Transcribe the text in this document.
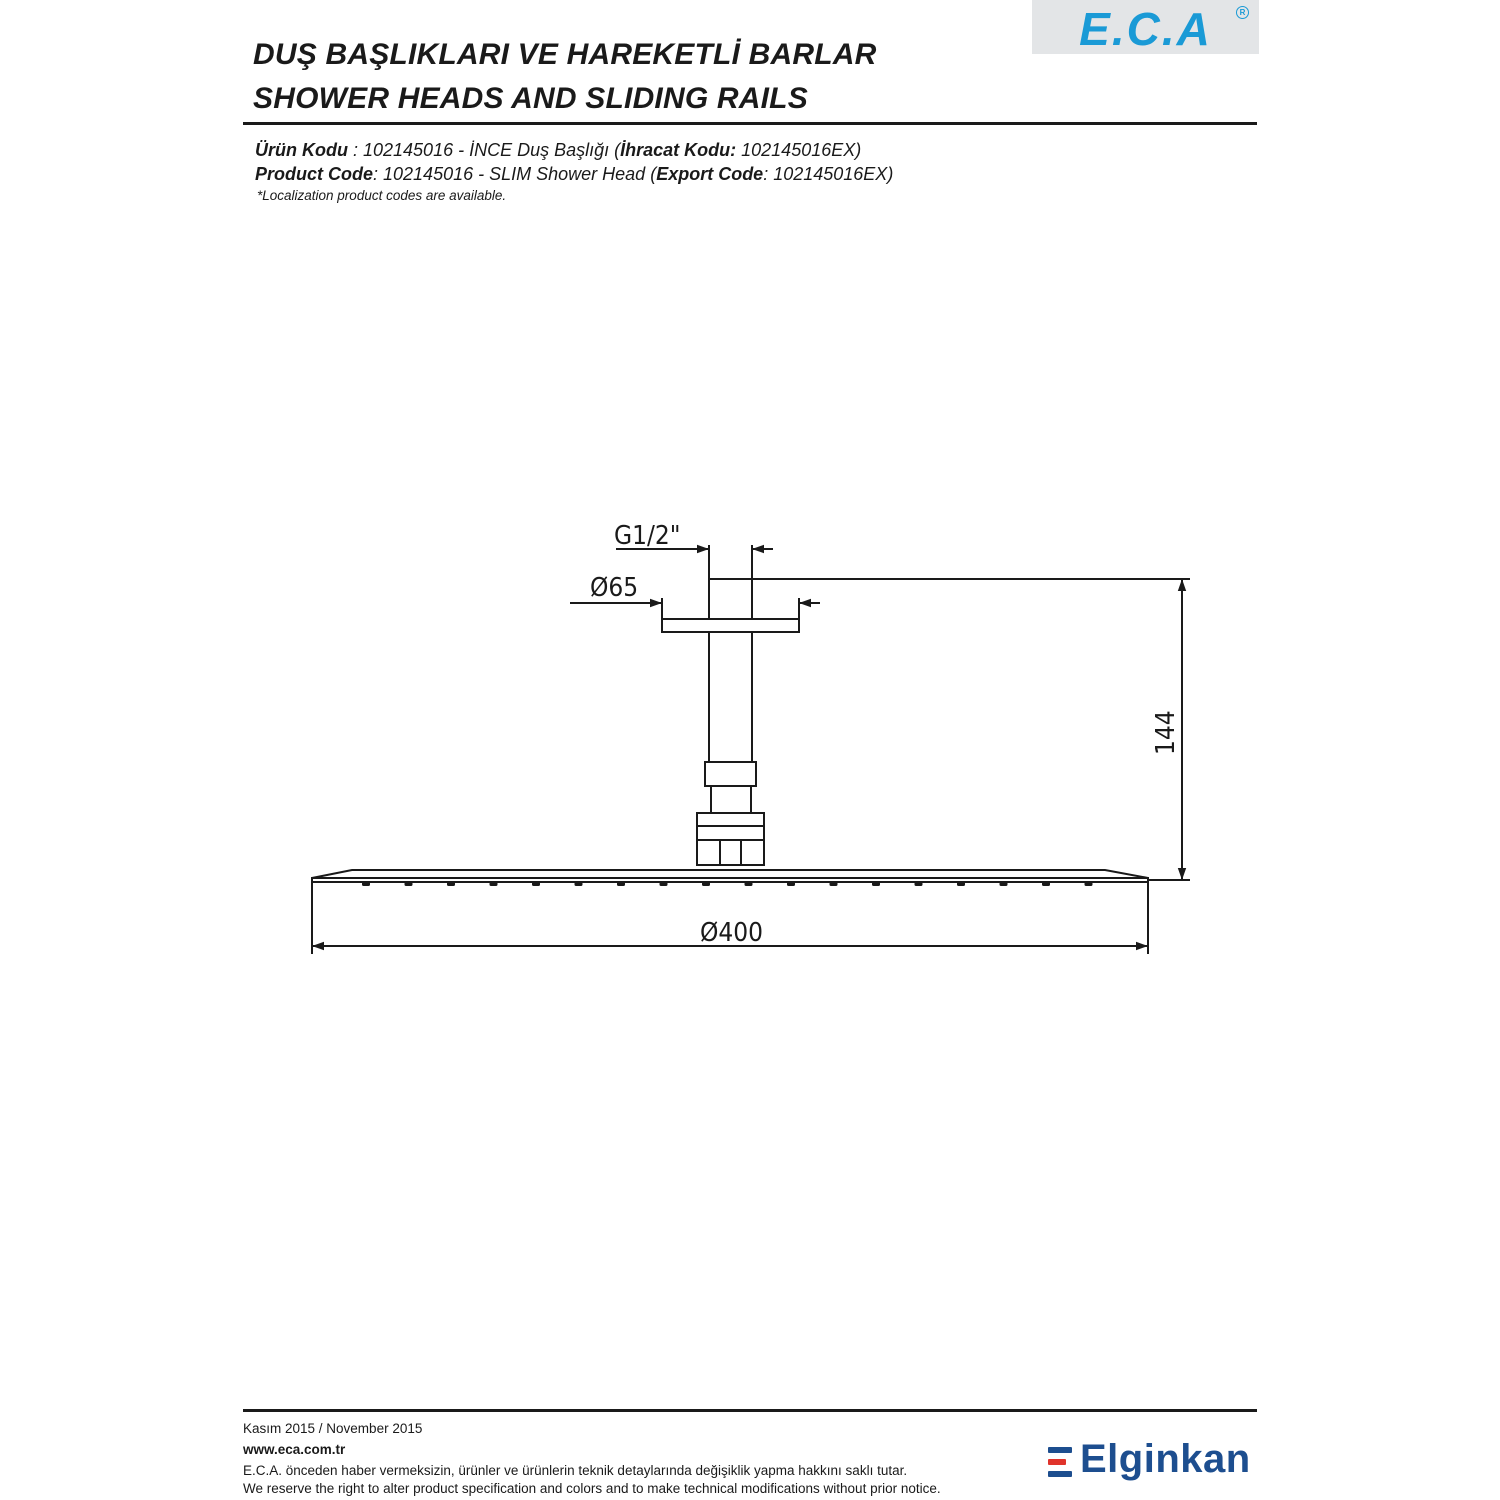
E.C.A	R
DUŞ BAŞLIKLARI VE HAREKETLİ BARLAR
SHOWER HEADS AND SLIDING RAILS
Ürün Kodu : 102145016 - İNCE Duş Başlığı (İhracat Kodu: 102145016EX)
Product Code: 102145016 - SLIM Shower Head (Export Code: 102145016EX)
*Localization product codes are available.
G1/2"
Ø65
Ø400
144
Kasım 2015 / November 2015
www.eca.com.tr
E.C.A. önceden haber vermeksizin, ürünler ve ürünlerin teknik detaylarında değişiklik yapma hakkını saklı tutar.
We reserve the right to alter product specification and colors and to make technical modifications without prior notice.
Elginkan
